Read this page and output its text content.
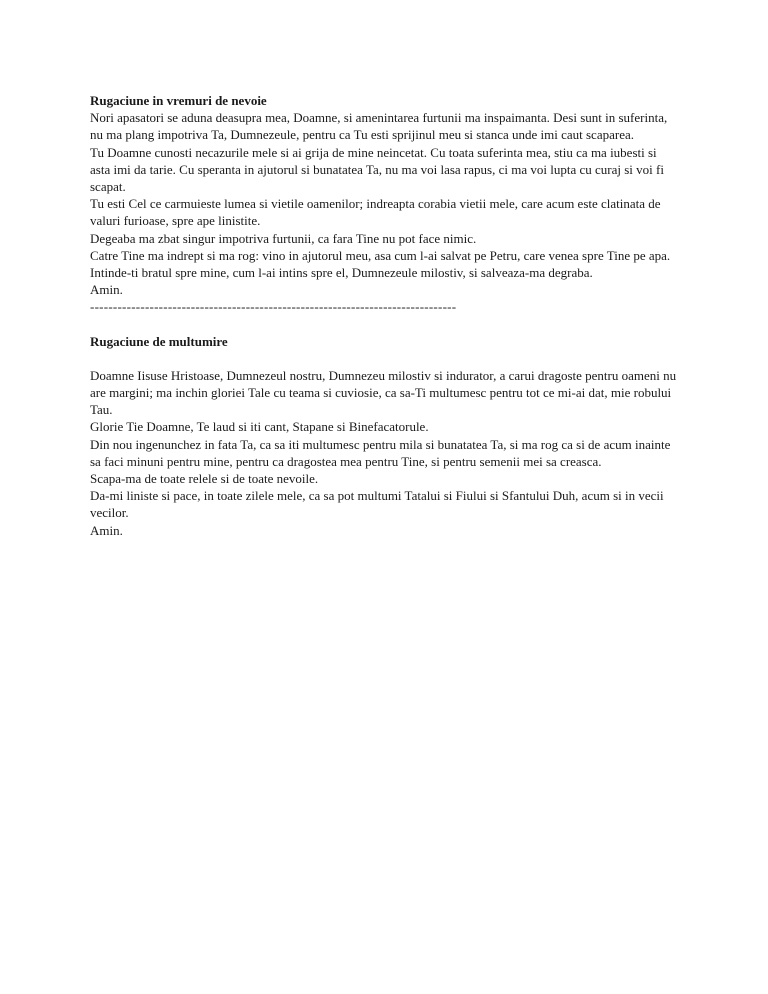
Rugaciune in vremuri de nevoie

Nori apasatori se aduna deasupra mea, Doamne, si amenintarea furtunii ma inspaimanta. Desi sunt in suferinta, nu ma plang impotriva Ta, Dumnezeule, pentru ca Tu esti sprijinul meu si stanca unde imi caut scaparea.

Tu Doamne cunosti necazurile mele si ai grija de mine neincetat. Cu toata suferinta mea, stiu ca ma iubesti si asta imi da tarie. Cu speranta in ajutorul si bunatatea Ta, nu ma voi lasa rapus, ci ma voi lupta cu curaj si voi fi scapat.

Tu esti Cel ce carmuieste lumea si vietile oamenilor; indreapta corabia vietii mele, care acum este clatinata de valuri furioase, spre ape linistite.

Degeaba ma zbat singur impotriva furtunii, ca fara Tine nu pot face nimic.

Catre Tine ma indrept si ma rog: vino in ajutorul meu, asa cum l-ai salvat pe Petru, care venea spre Tine pe apa. Intinde-ti bratul spre mine, cum l-ai intins spre el, Dumnezeule milostiv, si salveaza-ma degraba.

Amin.

--------------------------------------------------------------------------------

Rugaciune de multumire

Doamne Iisuse Hristoase, Dumnezeul nostru, Dumnezeu milostiv si indurator, a carui dragoste pentru oameni nu are margini; ma inchin gloriei Tale cu teama si cuviosie, ca sa-Ti multumesc pentru tot ce mi-ai dat, mie robului Tau.

Glorie Tie Doamne, Te laud si iti cant, Stapane si Binefacatorule.

Din nou ingenunchez in fata Ta, ca sa iti multumesc pentru mila si bunatatea Ta, si ma rog ca si de acum inainte sa faci minuni pentru mine, pentru ca dragostea mea pentru Tine, si pentru semenii mei sa creasca.

Scapa-ma de toate relele si de toate nevoile.

Da-mi liniste si pace, in toate zilele mele, ca sa pot multumi Tatalui si Fiului si Sfantului Duh, acum si in vecii vecilor.

Amin.
